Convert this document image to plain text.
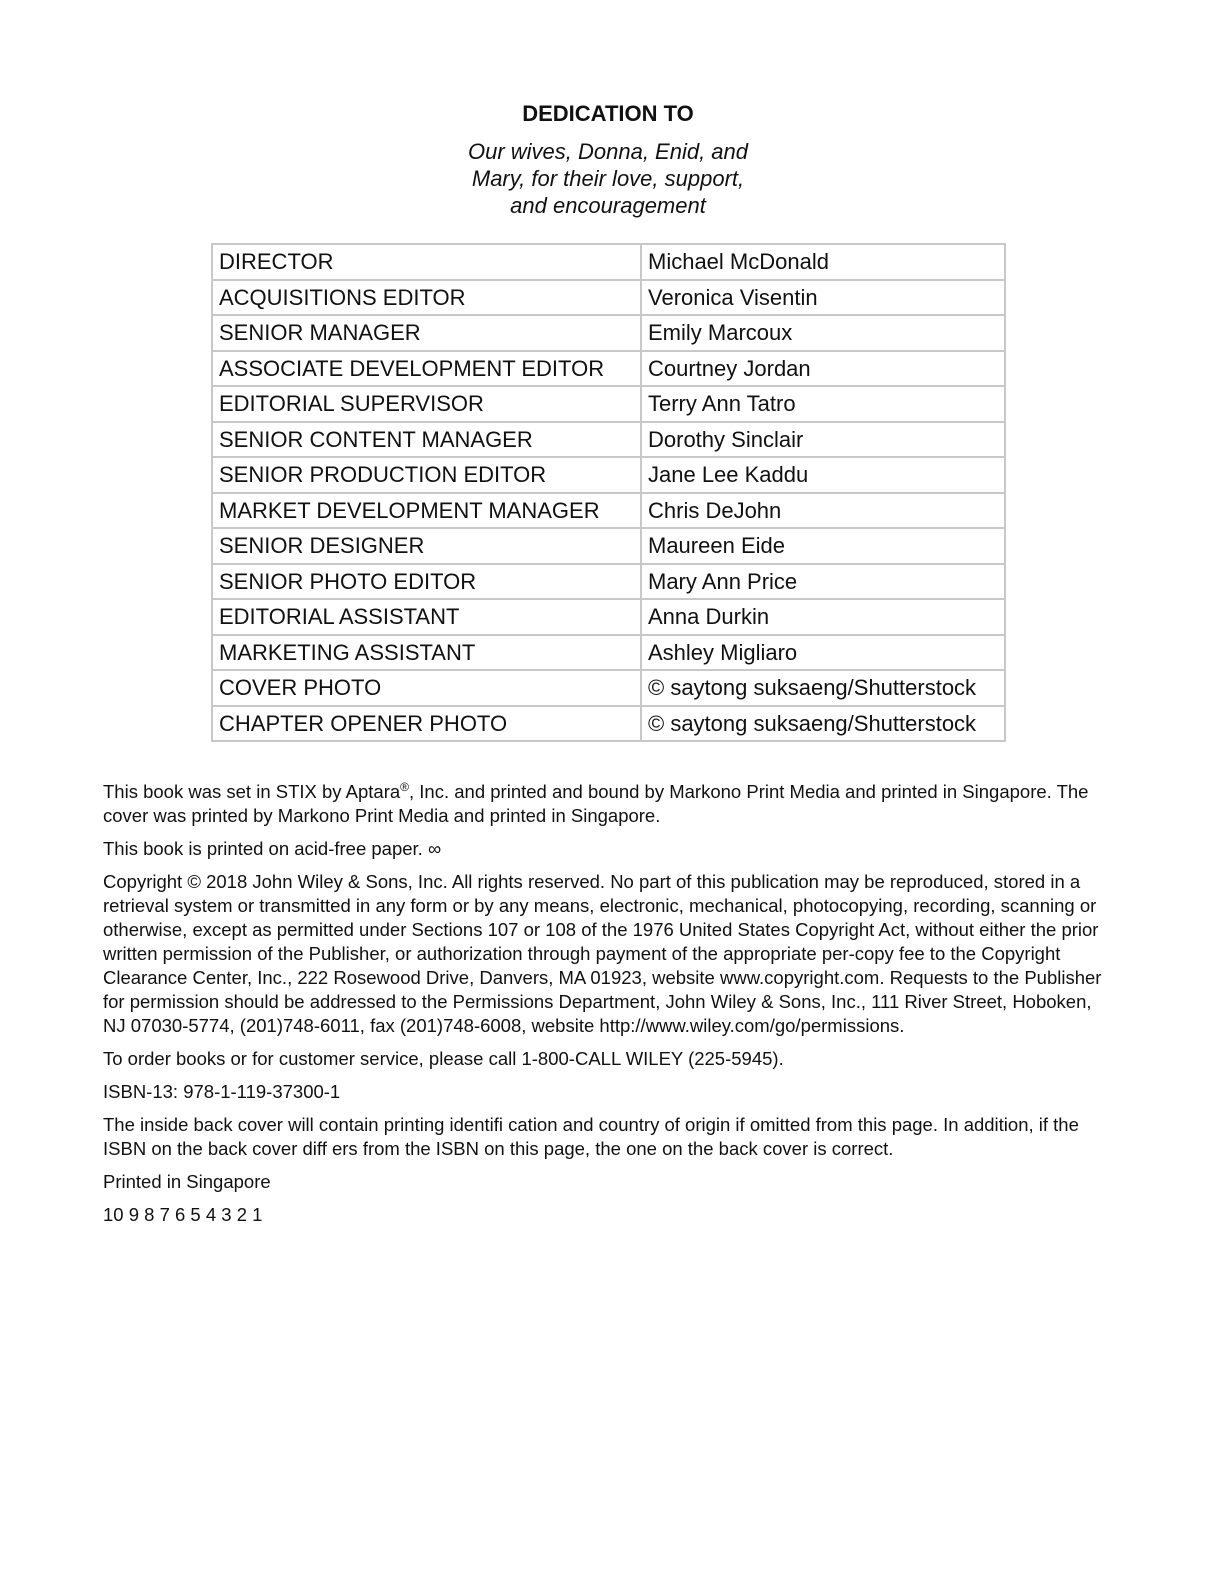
DEDICATION TO
Our wives, Donna, Enid, and
Mary, for their love, support,
and encouragement
DIRECTOR	Michael McDonald
ACQUISITIONS EDITOR	Veronica Visentin
SENIOR MANAGER	Emily Marcoux
ASSOCIATE DEVELOPMENT EDITOR	Courtney Jordan
EDITORIAL SUPERVISOR	Terry Ann Tatro
SENIOR CONTENT MANAGER	Dorothy Sinclair
SENIOR PRODUCTION EDITOR	Jane Lee Kaddu
MARKET DEVELOPMENT MANAGER	Chris DeJohn
SENIOR DESIGNER	Maureen Eide
SENIOR PHOTO EDITOR	Mary Ann Price
EDITORIAL ASSISTANT	Anna Durkin
MARKETING ASSISTANT	Ashley Migliaro
COVER PHOTO	© saytong suksaeng/Shutterstock
CHAPTER OPENER PHOTO	© saytong suksaeng/Shutterstock

This book was set in STIX by Aptara®, Inc. and printed and bound by Markono Print Media and printed in Singapore. The cover was printed by Markono Print Media and printed in Singapore.

This book is printed on acid-free paper. ∞

Copyright © 2018 John Wiley & Sons, Inc. All rights reserved. No part of this publication may be reproduced, stored in a retrieval system or transmitted in any form or by any means, electronic, mechanical, photocopying, recording, scanning or otherwise, except as permitted under Sections 107 or 108 of the 1976 United States Copyright Act, without either the prior written permission of the Publisher, or authorization through payment of the appropriate per-copy fee to the Copyright Clearance Center, Inc., 222 Rosewood Drive, Danvers, MA 01923, website www.copyright.com. Requests to the Publisher for permission should be addressed to the Permissions Department, John Wiley & Sons, Inc., 111 River Street, Hoboken, NJ 07030-5774, (201)748-6011, fax (201)748-6008, website http://www.wiley.com/go/permissions.

To order books or for customer service, please call 1-800-CALL WILEY (225-5945).

ISBN-13: 978-1-119-37300-1

The inside back cover will contain printing identifi cation and country of origin if omitted from this page. In addition, if the ISBN on the back cover diff ers from the ISBN on this page, the one on the back cover is correct.

Printed in Singapore

10 9 8 7 6 5 4 3 2 1
